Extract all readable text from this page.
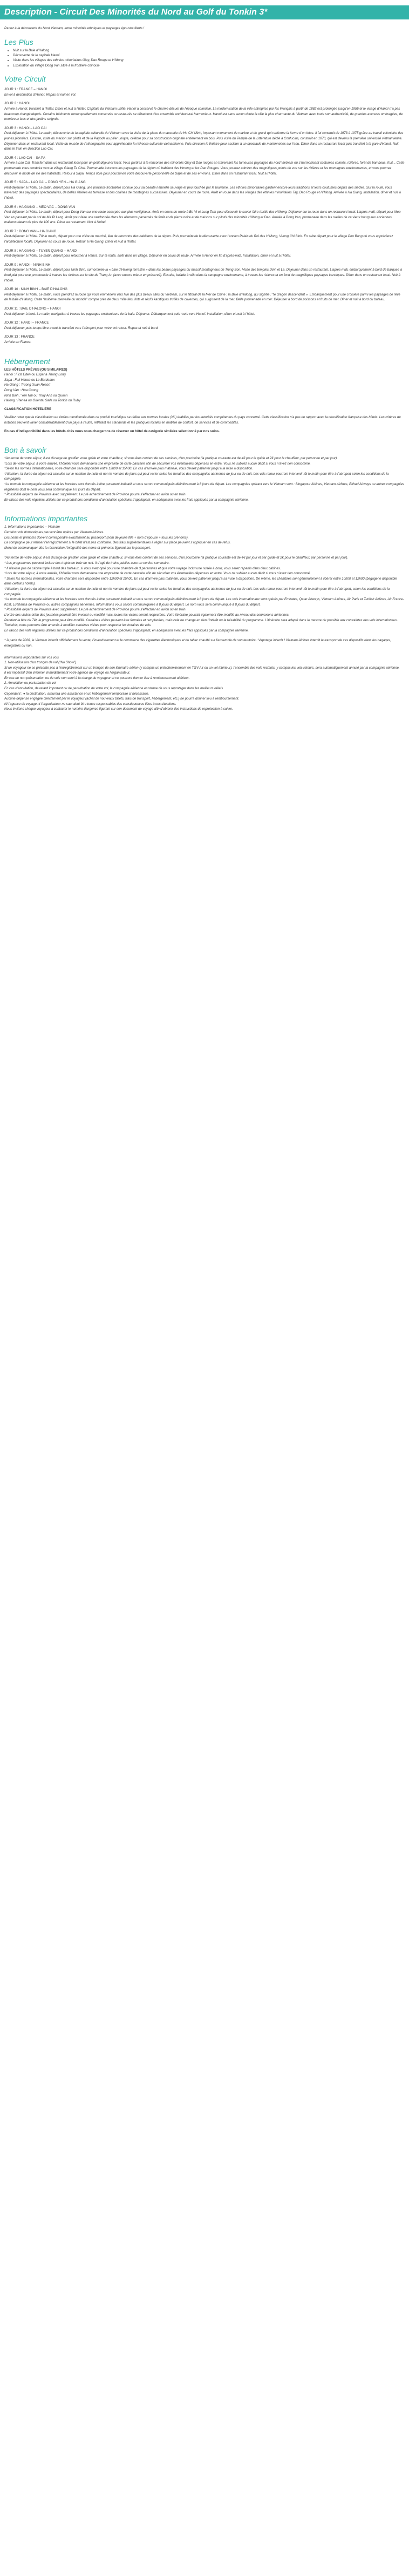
Description - Circuit Des Minorités du Nord au Golf du Tonkin 3*

Partez à la découverte du Nord Vietnam, entre minorités ethniques et paysages époustouflants !

Les Plus
• Nuit sur la Baie d’Halong
• Découverte de la capitale Hanoi
• Visite dans les villages des ethnies minoritaires Giay, Dao Rouge et H’Mong
• Exploration du village Dong Van situé à la frontière chinoise
Votre Circuit

JOUR 1 : FRANCE – HANOI

Envol à destination d’Hanoï. Repas et nuit en vol.

JOUR 2 : HANOI

Arrivée à Hanoï, transfert à l’hôtel. Dîner et nuit à l’hôtel. Capitale du Vietnam unifié, Hanoï a conservé le charme désuet de l’époque coloniale. La modernisation de la ville entreprise par les Français à partir de 1882 est prolongée jusqu’en 1955 et le visage d’Hanoï n’a pas beaucoup changé depuis. Certains bâtiments remarquablement conservés ou restaurés se détachent d’un ensemble architectural harmonieux. Hanoï est sans aucun doute la ville la plus charmante du Vietnam avec toute son authenticité, de grandes avenues ombragées, de nombreux lacs et des jardins soignés.

JOUR 3 : HANOI – LAO CAI

Petit-déjeuner à l’hôtel. Le matin, découverte de la capitale culturelle du Vietnam avec la visite de la place du mausolée de Ho Chi Minh, imposant monument de marbre et de granit qui renferme la forme d’un lotus. Il fut construit de 1973 à 1975 grâce au travail volontaire des jeunes pionniers. Ensuite, visite du maison sur pilotis et de la Pagode au pilier unique, célèbre pour sa construction originale entièrement en bois. Puis visite du Temple de la Littérature dédié à Confucius, construit en 1070, qui est devenu la première université vietnamienne. Déjeuner dans un restaurant local. Visite du musée de l’ethnographie pour appréhender la richesse culturelle vietnamienne. Puis direction le théâtre pour assister à un spectacle de marionnettes sur l’eau. Dîner dans un restaurant local puis transfert à la gare d’Hanoï. Nuit dans le train en direction Lao Cai.

JOUR 4 : LAO CAI – SA PA

Arrivée à Lao Cai. Transfert dans un restaurant local pour un petit déjeuner local. Vous partirez à la rencontre des minorités Giay et Dao rouges en traversant les fameuses paysages du nord Vietnam où s’harmonisent costumes colorés, rizières, forêt de bambous, fruit... Cette promenade vous conduira vers le village Giang Ta Chai. Promenade à travers les paysages de la région où habitent des Hmong et les Dao Rouges. Vous pourrez admirer des magnifiques points de vue sur les rizières et les montagnes environnantes, et vous pourrez découvrir le mode de vie des habitants. Retour à Sapa. Temps libre pour poursuivre votre découverte personnelle de Sapa et de ses environs. Dîner dans un restaurant local. Nuit à l’hôtel.

JOUR 5 : SAPA – LAO CAI – DONG YEN – HA GIANG

Petit-déjeuner à l’hôtel. Le matin, départ pour Ha Giang, une province frontalière connue pour sa beauté naturelle sauvage et peu touchée par le tourisme. Les ethnies minoritaires gardent encore leurs traditions et leurs coutumes depuis des siècles. Sur la route, vous traversez des paysages spectaculaires, de belles rizières en terrasse et des chaînes de montagnes successives. Déjeuner en cours de route. Arrêt en route dans les villages des ethnies minoritaires Tay, Dao Rouge et H’Mong. Arrivée à Ha Giang, installation, dîner et nuit à l’hôtel.

JOUR 6 : HA GIANG – MEO VAC – DONG VAN

Petit-déjeuner à l’hôtel. Le matin, départ pour Dong Van sur une route escarpée aux plus vertigineux. Arrêt en cours de route à Bo Vi et Lung Tam pour découvrir le savoir-faire textile des H’Mong. Déjeuner sur la route dans un restaurant local. L’après-midi, départ pour Meo Vac en passant par le col de Ma Pi Leng. Arrêt pour faire une randonnée dans les alentours parsemés de forêt et de pierre noire et de maisons sur pilotis des minorités H’Mong et Dao. Arrivée à Dong Van, promenade dans les ruelles de ce vieux bourg aux anciennes maisons datant de plus de 100 ans. Dîner au restaurant. Nuit à l’hôtel.

JOUR 7 : DONG VAN – HA GIANG

Petit-déjeuner à l’hôtel. Tôt le matin, départ pour une visite du marché, lieu de rencontre des habitants de la région. Puis poursuite de la découverte avec l’ancien Palais du Roi des H’Mong, Vuong Chi Sinh. En suite départ pour le village Pho Bang où vous apprécierez l’architecture locale. Déjeuner en cours de route. Retour à Ha Giang. Dîner et nuit à l’hôtel.

JOUR 8 : HA GIANG – TUYEN QUANG – HANOI

Petit-déjeuner à l’hôtel. Le matin, départ pour retourner à Hanoï. Sur la route, arrêt dans un village. Déjeuner en cours de route. Arrivée à Hanoï en fin d’après-midi. Installation, dîner et nuit à l’hôtel.

JOUR 9 : HANOI – NINH BINH

Petit-déjeuner à l’hôtel. Le matin, départ pour Ninh Binh, surnommée la « baie d’Halong terrestre » dans les beaux paysages du massif montagneux de Trung Son. Visite des temples Dinh et Le. Déjeuner dans un restaurant. L’après-midi, embarquement à bord de barques à fond plat pour une promenade à travers les rivières sur le site de Trang An (avec encore mieux en préservé). Ensuite, balade à vélo dans la campagne environnante, à travers les rizières et en fond de magnifiques paysages karstiques. Dîner dans un restaurant local. Nuit à l’hôtel.

JOUR 10 : NINH BINH – BAIE D’HALONG

Petit-déjeuner à l’hôtel. Le matin, vous prendrez la route qui vous emmènera vers l’un des plus beaux sites du Vietnam, sur le littoral de la Mer de Chine : la Baie d’Halong, qui signifie : “le dragon descendant ». Embarquement pour une croisière parmi les paysages de rêve de la baie d’Halong. Cette “huitième merveille du monde” compte près de deux mille îles, îlots et récifs karstiques truffés de cavernes, qui surgissent de la mer. Belle promenade en mer. Déjeuner à bord de poissons et fruits de mer. Dîner et nuit à bord du bateau.

JOUR 11 : BAIE D’HALONG – HANOI

Petit-déjeuner à bord. Le matin, navigation à travers les paysages enchanteurs de la baie. Déjeuner. Débarquement puis route vers Hanoï. Installation, dîner et nuit à l’hôtel.

JOUR 12 : HANOI – FRANCE

Petit-déjeuner puis temps libre avant le transfert vers l’aéroport pour votre vol retour. Repas et nuit à bord.

JOUR 13 : FRANCE

Arrivée en France.

Hébergement

LES HÔTELS PRÉVUS (OU SIMILAIRES)

Hanoi : First Eden ou Espana Thang Long

Sapa : Fuli House ou Le Bordeaux

Ha Giang : Truong Xuan Resort

Dong Van : Hoa Cuong

Ninh Binh : Yen Nhi ou Thuy Anh ou Quoan

Halong : Renea ou Oriental Sails ou Tonkin ou Ruby

CLASSIFICATION HÔTELIÈRE

Veuillez noter que la classification en étoiles mentionnée dans ce produit touristique se réfère aux normes locales (NL) établies par les autorités compétentes du pays concerné. Cette classification n’a pas de rapport avec la classification française des hôtels. Les critères de notation peuvent varier considérablement d’un pays à l’autre, reflétant les standards et les pratiques locales en matière de confort, de services et de commodités.

En cas d’indisponibilité dans les hôtels cités nous nous chargerons de réserver un hôtel de catégorie similaire sélectionné par nos soins.

Bon à savoir

*Au terme de votre séjour, il est d’usage de gratifier votre guide et votre chauffeur, si vous êtes content de ses services, d’un pourboire (la pratique courante est de 4€ pour le guide et 2€ pour le chauffeur, par personne et par jour).

*Lors de votre séjour, à votre arrivée, l’hôtelier vous demandera une empreinte de carte bancaire afin de sécuriser vos éventuelles dépenses en extra. Vous ne subirez aucun débit si vous n’avez rien consommé.

*Selon les normes internationales, votre chambre sera disponible entre 12h00 et 15h00. En cas d’arrivée plus matinale, vous devrez patienter jusqu’à la mise à disposition.

*Attention, la durée du séjour est calculée sur le nombre de nuits et non le nombre de jours qui peut varier selon les horaires des compagnies aériennes de jour ou de nuit. Les vols retour pourront intervenir tôt le matin pour être à l’aéroport selon les conditions de la compagnie.

*Le nom de la compagnie aérienne et les horaires sont donnés à titre purement indicatif et vous seront communiqués définitivement à 8 jours du départ. Les compagnies opérant vers le Vietnam sont : Singapour Airlines, Vietnam Airlines, Etihad Airways ou autres compagnies régulières dont le nom vous sera communiqué à 8 jours du départ.

* Possibilité départs de Province avec supplément. Le pré acheminement de Province pourra s’effectuer en avion ou en train.

En raison des vols réguliers utilisés sur ce produit des conditions d’annulation spéciales s’appliquent, en adéquation avec les frais appliqués par la compagnie aérienne.

Informations importantes

1. Informations importantes – Vietnam

Certains vols domestiques peuvent être opérés par Vietnam Airlines.

Les noms et prénoms doivent correspondre exactement au passeport (nom de jeune fille + nom d’épouse + tous les prénoms).

La compagnie peut refuser l’enregistrement si le billet n’est pas conforme. Des frais supplémentaires à régler sur place peuvent s’appliquer en cas de refus.

Merci de communiquer dès la réservation l’intégralité des noms et prénoms figurant sur le passeport.

*Au terme de votre séjour, il est d’usage de gratifier votre guide et votre chauffeur, si vous êtes content de ses services, d’un pourboire (la pratique courante est de 4€ par jour et par guide et 2€ pour le chauffeur, par personne et par jour).

* Les programmes peuvent inclure des trajets en train de nuit. Il s’agit de trains publics avec un confort sommaire.

* Il n’existe pas de cabine triple à bord des bateaux, si vous avez opté pour une chambre de 3 personnes et que votre voyage inclut une nuitée à bord, vous serez répartis dans deux cabines.

*Lors de votre séjour, à votre arrivée, l’hôtelier vous demandera une empreinte de carte bancaire afin de sécuriser vos éventuelles dépenses en extra. Vous ne subirez aucun débit si vous n’avez rien consommé.

* Selon les normes internationales, votre chambre sera disponible entre 12h00 et 15h00. En cas d’arrivée plus matinale, vous devrez patienter jusqu’à sa mise à disposition. De même, les chambres sont généralement à libérer entre 10h00 et 12h00 (bagagerie disponible dans certains hôtels).

*Attention, la durée du séjour est calculée sur le nombre de nuits et non le nombre de jours qui peut varier selon les horaires des compagnies aériennes de jour ou de nuit. Les vols retour pourront intervenir tôt le matin pour être à l’aéroport, selon les conditions de la compagnie.

*Le nom de la compagnie aérienne et les horaires sont donnés à titre purement indicatif et vous seront communiqués définitivement à 8 jours du départ. Les vols internationaux sont opérés par Emirates, Qatar Airways, Vietnam Airlines, Air Paris et Turkish Airlines, Air France-KLM, Lufthansa de Province ou autres compagnies aériennes. Informations vous seront communiquées à 8 jours du départ. Le nom vous sera communiqué à 8 jours du départ.

* Possibilité départs de Province avec supplément. Le pré acheminement de Province pourra s’effectuer en avion ou en train.

L’ordre des visites et/ou des journées pourrait être inversé ou modifié mais toutes les visites seront respectées. Votre itinéraire pourrait également être modifié au niveau des connexions aériennes.

Pendant la fête du Têt, le programme peut être modifié. Certaines visites peuvent être fermées et remplacées, mais cela ne change en rien l’intérêt ou la faisabilité du programme. L’itinéraire sera adapté dans la mesure du possible aux contraintes des vols internationaux. Toutefois, nous pourrons être amenés à modifier certaines visites pour respecter les horaires de vols.

En raison des vols réguliers utilisés sur ce produit des conditions d’annulation spéciales s’appliquent, en adéquation avec les frais appliqués par la compagnie aérienne.

* À partir de 2026, le Vietnam interdit officiellement la vente, l’investissement et le commerce des cigarettes électroniques et du tabac chauffé sur l’ensemble de son territoire : Vapotage interdit ! Vietnam Airlines interdit le transport de ces dispositifs dans les bagages, enregistrés ou non.

Informations importantes sur vos vols

1. Non-utilisation d’un tronçon de vol (“No Show”)

Si un voyageur ne se présente pas à l’enregistrement sur un tronçon de son itinéraire aérien (y compris un préacheminement en TGV Air ou un vol intérieur), l’ensemble des vols restants, y compris les vols retours, sera automatiquement annulé par la compagnie aérienne.

Il est impératif d’en informer immédiatement votre agence de voyage ou l’organisateur.

En cas de non présentation ou de vols non servi à la charge du voyageur et ne pourront donner lieu à remboursement ultérieur.

2. Annulation ou perturbation de vol

En cas d’annulation, de retard important ou de perturbation de votre vol, la compagnie aérienne est tenue de vous reprotéger dans les meilleurs délais.

Cependant : ● la destination, assurera une assistance et un hébergement temporaire si nécessaire.

Aucune dépense engagée directement par le voyageur (achat de nouveaux billets, frais de transport, hébergement, etc.) ne pourra donner lieu à remboursement.

Ni l’agence de voyage ni l’organisateur ne sauraient être tenus responsables des conséquences liées à ces situations.

Nous invitons chaque voyageur à contacter le numéro d’urgence figurant sur son document de voyage afin d’obtenir des instructions de reprotection à suivre.
